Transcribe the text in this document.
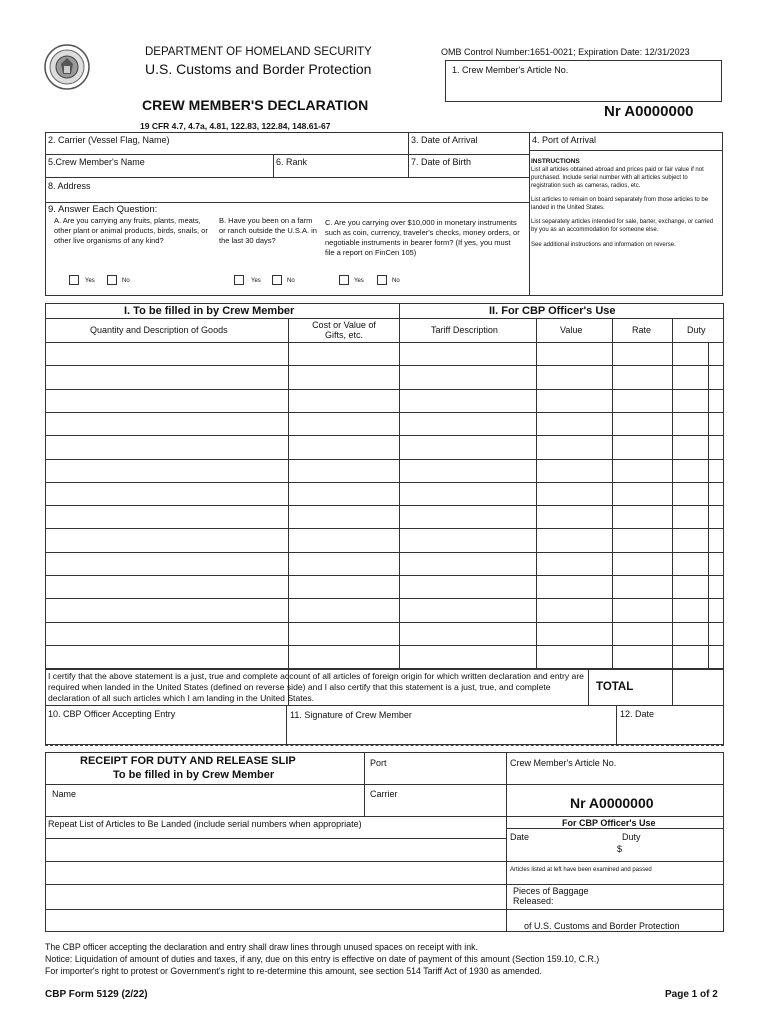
DEPARTMENT OF HOMELAND SECURITY
U.S. Customs and Border Protection
OMB Control Number:1651-0021; Expiration Date: 12/31/2023
1. Crew Member's Article No.
CREW MEMBER'S DECLARATION
19 CFR 4.7, 4.7a, 4.81, 122.83, 122.84, 148.61-67
Nr A0000000
2. Carrier (Vessel Flag, Name)	3. Date of Arrival	4. Port of Arrival
5.Crew Member's Name	6. Rank	7. Date of Birth
8. Address
INSTRUCTIONS
List all articles obtained abroad and prices paid or fair value if not purchased. Include serial number with all articles subject to registration such as cameras, radios, etc.
List articles to remain on board separately from those articles to be landed in the United States.
List separately articles intended for sale, barter, exchange, or carried by you as an accommodation for someone else.
See additional instructions and information on reverse.
9. Answer Each Question:
A. Are you carrying any fruits, plants, meats, other plant or animal products, birds, snails, or other live organisms of any kind?
B. Have you been on a farm or ranch outside the U.S.A. in the last 30 days?
C. Are you carrying over $10,000 in monetary instruments such as coin, currency, traveler's checks, money orders, or negotiable instruments in bearer form? (If yes, you must file a report on FinCen 105)
Yes	No	Yes	No	Yes	No
I. To be filled in by Crew Member	II. For CBP Officer's Use
Quantity and Description of Goods	Cost or Value of Gifts, etc.	Tariff Description	Value	Rate	Duty
I certify that the above statement is a just, true and complete account of all articles of foreign origin for which written declaration and entry are required when landed in the United States (defined on reverse side) and I also certify that this statement is a just, true, and complete declaration of all such articles which I am landing in the United States.
TOTAL
10. CBP Officer Accepting Entry	11. Signature of Crew Member	12. Date
RECEIPT FOR DUTY AND RELEASE SLIP
To be filled in by Crew Member
Port	Crew Member's Article No.
Name	Carrier
Nr A0000000
Repeat List of Articles to Be Landed (include serial numbers when appropriate)	For CBP Officer's Use
Date	Duty
$
Articles listed at left have been examined and passed
Pieces of Baggage Released:
of U.S. Customs and Border Protection
The CBP officer accepting the declaration and entry shall draw lines through unused spaces on receipt with ink.
Notice: Liquidation of amount of duties and taxes, if any, due on this entry is effective on date of payment of this amount (Section 159.10, C.R.)
For importer's right to protest or Government's right to re-determine this amount, see section 514 Tariff Act of 1930 as amended.
CBP Form 5129 (2/22)	Page 1 of 2
